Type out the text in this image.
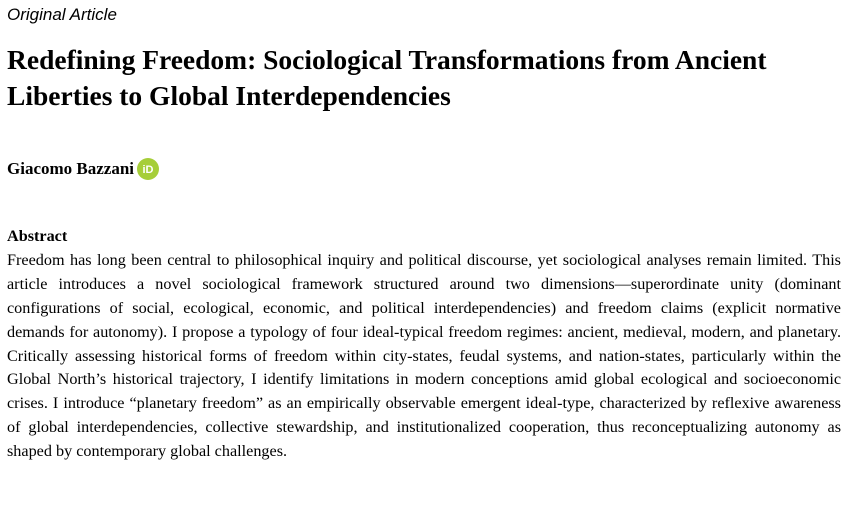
Original Article
Redefining Freedom: Sociological Transformations from Ancient Liberties to Global Interdependencies
Giacomo Bazzani iD
Abstract

Freedom has long been central to philosophical inquiry and political discourse, yet sociological analyses remain limited. This article introduces a novel sociological framework structured around two dimensions—superordinate unity (dominant configurations of social, ecological, economic, and political interdependencies) and freedom claims (explicit normative demands for autonomy). I propose a typology of four ideal-typical freedom regimes: ancient, medieval, modern, and planetary. Critically assessing historical forms of freedom within city-states, feudal systems, and nation-states, particularly within the Global North’s historical trajectory, I identify limitations in modern conceptions amid global ecological and socioeconomic crises. I introduce “planetary freedom” as an empirically observable emergent ideal-type, characterized by reflexive awareness of global interdependencies, collective stewardship, and institutionalized cooperation, thus reconceptualizing autonomy as shaped by contemporary global challenges.
